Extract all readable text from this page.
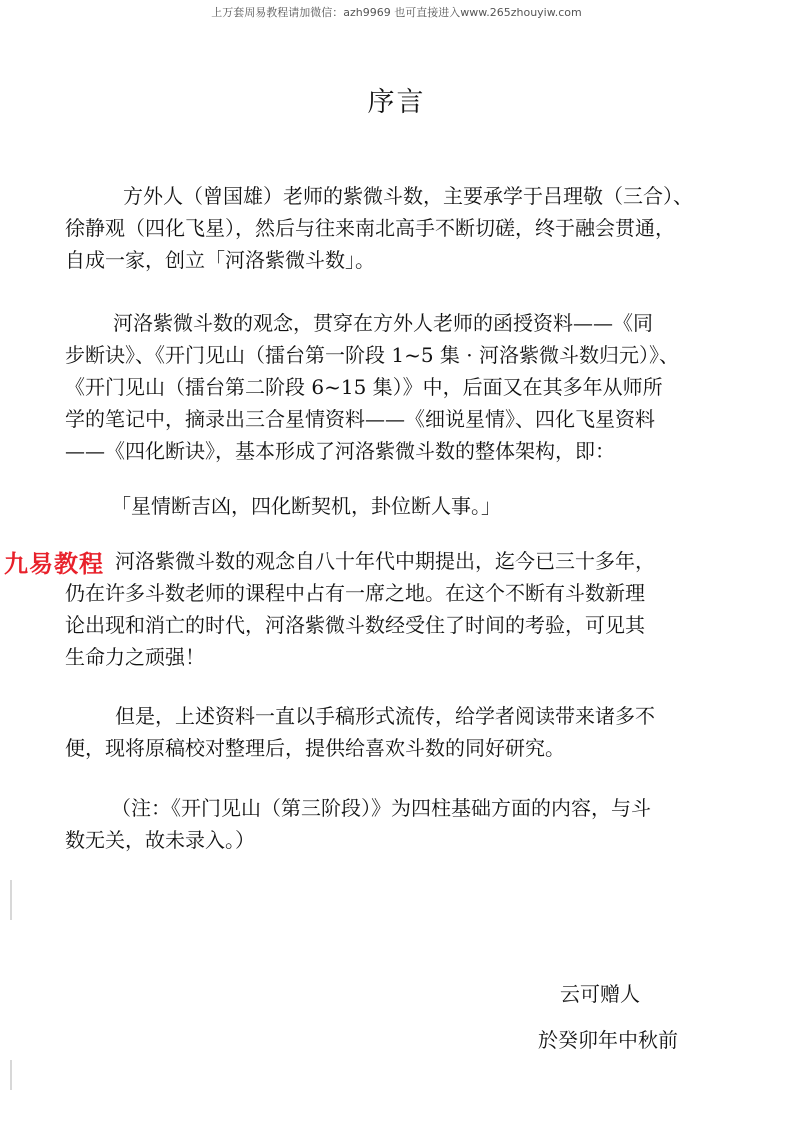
上万套周易教程请加微信：azh9969 也可直接进入www.265zhouyiw.com
序言

方外人（曾国雄）老师的紫微斗数，主要承学于吕理敬（三合）、

徐静观（四化飞星），然后与往来南北高手不断切磋，终于融会贯通，

自成一家，创立「河洛紫微斗数」。

河洛紫微斗数的观念，贯穿在方外人老师的函授资料——《同

步断诀》、《开门见山（擂台第一阶段 1~5 集 · 河洛紫微斗数归元）》、

《开门见山（擂台第二阶段 6~15 集）》中，后面又在其多年从师所

学的笔记中，摘录出三合星情资料——《细说星情》、四化飞星资料

——《四化断诀》，基本形成了河洛紫微斗数的整体架构，即：

「星情断吉凶，四化断契机，卦位断人事。」

河洛紫微斗数的观念自八十年代中期提出，迄今已三十多年，

仍在许多斗数老师的课程中占有一席之地。在这个不断有斗数新理

论出现和消亡的时代，河洛紫微斗数经受住了时间的考验，可见其

生命力之顽强！

但是，上述资料一直以手稿形式流传，给学者阅读带来诸多不

便，现将原稿校对整理后，提供给喜欢斗数的同好研究。

（注：《开门见山（第三阶段）》为四柱基础方面的内容，与斗

数无关，故未录入。）

九易教程
云可赠人
於癸卯年中秋前
